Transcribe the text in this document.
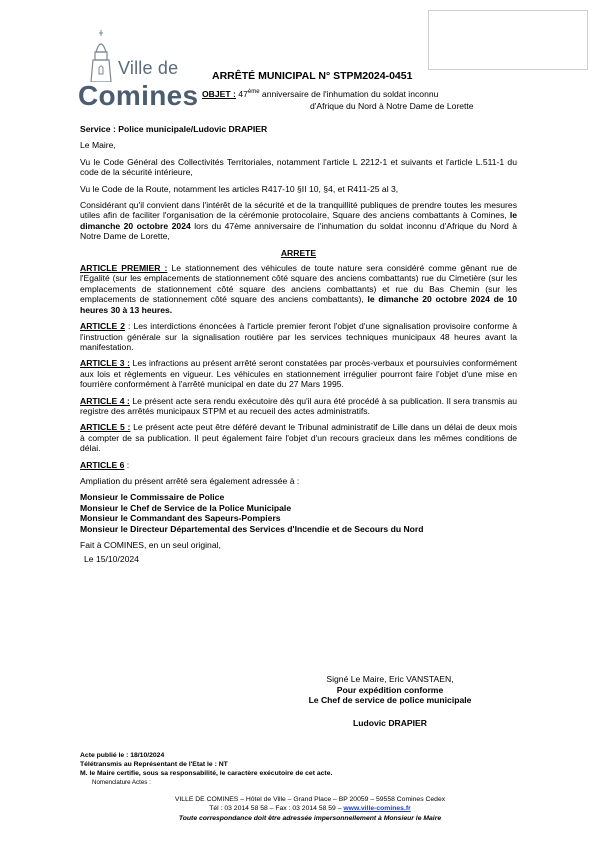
Ville de
Comines
ARRÊTÉ MUNICIPAL N° STPM2024-0451
OBJET : 47ème anniversaire de l'inhumation du soldat inconnu
d'Afrique du Nord à Notre Dame de Lorette

Service : Police municipale/Ludovic DRAPIER

Le Maire,

Vu le Code Général des Collectivités Territoriales, notamment l'article L 2212-1 et suivants et l'article L.511-1 du code de la sécurité intérieure,

Vu le Code de la Route, notamment les articles R417-10 §II 10, §4, et R411-25 al 3,

Considérant qu'il convient dans l'intérêt de la sécurité et de la tranquillité publiques de prendre toutes les mesures utiles afin de faciliter l'organisation de la cérémonie protocolaire, Square des anciens combattants à Comines, le dimanche 20 octobre 2024 lors du 47ème anniversaire de l'inhumation du soldat inconnu d'Afrique du Nord à Notre Dame de Lorette,

ARRETE

ARTICLE PREMIER : Le stationnement des véhicules de toute nature sera considéré comme gênant rue de l'Egalité (sur les emplacements de stationnement côté square des anciens combattants) rue du Cimetière (sur les emplacements de stationnement côté square des anciens combattants) et rue du Bas Chemin (sur les emplacements de stationnement côté square des anciens combattants), le dimanche 20 octobre 2024 de 10 heures 30 à 13 heures.

ARTICLE 2 : Les interdictions énoncées à l'article premier feront l'objet d'une signalisation provisoire conforme à l'instruction générale sur la signalisation routière par les services techniques municipaux 48 heures avant la manifestation.

ARTICLE 3 : Les infractions au présent arrêté seront constatées par procès-verbaux et poursuivies conformément aux lois et règlements en vigueur. Les véhicules en stationnement irrégulier pourront faire l'objet d'une mise en fourrière conformément à l'arrêté municipal en date du 27 Mars 1995.

ARTICLE 4 : Le présent acte sera rendu exécutoire dès qu'il aura été procédé à sa publication. Il sera transmis au registre des arrêtés municipaux STPM et au recueil des actes administratifs.

ARTICLE 5 : Le présent acte peut être déféré devant le Tribunal administratif de Lille dans un délai de deux mois à compter de sa publication. Il peut également faire l'objet d'un recours gracieux dans les mêmes conditions de délai.

ARTICLE 6 :

Ampliation du présent arrêté sera également adressée à :

Monsieur le Commissaire de Police
Monsieur le Chef de Service de la Police Municipale
Monsieur le Commandant des Sapeurs-Pompiers
Monsieur le Directeur Départemental des Services d'Incendie et de Secours du Nord
Fait à COMINES, en un seul original,
Le 15/10/2024
Signé Le Maire, Eric VANSTAEN,
Pour expédition conforme
Le Chef de service de police municipale
Ludovic DRAPIER
Acte publié le : 18/10/2024
Télétransmis au Représentant de l'Etat le : NT
M. le Maire certifie, sous sa responsabilité, le caractère exécutoire de cet acte.
Nomenclature Actes :
VILLE DE COMINES – Hôtel de Ville – Grand Place – BP 20059 – 59558 Comines Cedex
Tél : 03 2014 58 58 – Fax : 03 2014 58 59 – www.ville-comines.fr
Toute correspondance doit être adressée impersonnellement à Monsieur le Maire
